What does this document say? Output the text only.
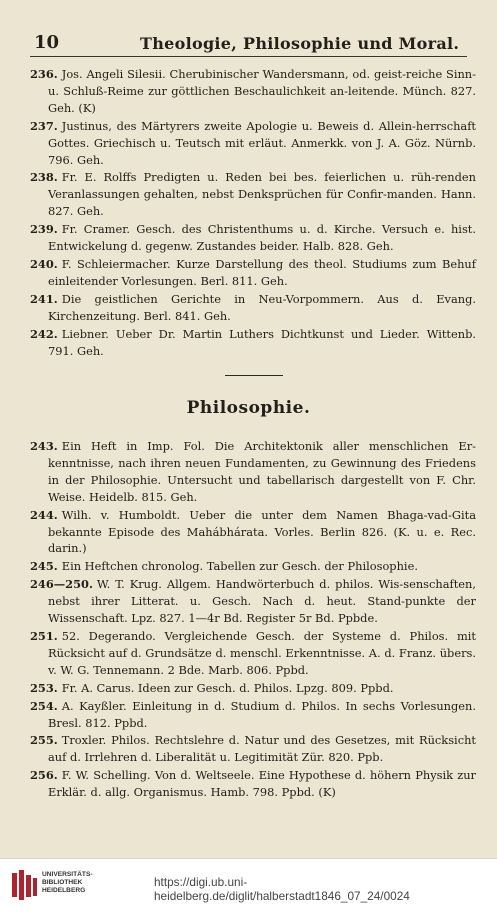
10	Theologie, Philosophie und Moral.
236. Jos. Angeli Silesii. Cherubinischer Wandersmann, od. geist-reiche Sinn- u. Schluß-Reime zur göttlichen Beschaulichkeit an-leitende. Münch. 827. Geh. (K)
237. Justinus, des Märtyrers zweite Apologie u. Beweis d. Allein-herrschaft Gottes. Griechisch u. Teutsch mit erläut. Anmerkk. von J. A. Göz. Nürnb. 796. Geh.
238. Fr. E. Rolffs Predigten u. Reden bei bes. feierlichen u. rüh-renden Veranlassungen gehalten, nebst Denksprüchen für Confir-manden. Hann. 827. Geh.
239. Fr. Cramer. Gesch. des Christenthums u. d. Kirche. Versuch e. hist. Entwickelung d. gegenw. Zustandes beider. Halb. 828. Geh.
240. F. Schleiermacher. Kurze Darstellung des theol. Studiums zum Behuf einleitender Vorlesungen. Berl. 811. Geh.
241. Die geistlichen Gerichte in Neu-Vorpommern. Aus d. Evang. Kirchenzeitung. Berl. 841. Geh.
242. Liebner. Ueber Dr. Martin Luthers Dichtkunst und Lieder. Wittenb. 791. Geh.
Philosophie.
243. Ein Heft in Imp. Fol. Die Architektonik aller menschlichen Er-kenntnisse, nach ihren neuen Fundamenten, zu Gewinnung des Friedens in der Philosophie. Untersucht und tabellarisch dargestellt von F. Chr. Weise. Heidelb. 815. Geh.
244. Wilh. v. Humboldt. Ueber die unter dem Namen Bhaga-vad-Gita bekannte Episode des Mahábhárata. Vorles. Berlin 826. (K. u. e. Rec. darin.)
245. Ein Heftchen chronolog. Tabellen zur Gesch. der Philosophie.
246—250. W. T. Krug. Allgem. Handwörterbuch d. philos. Wis-senschaften, nebst ihrer Litterat. u. Gesch. Nach d. heut. Stand-punkte der Wissenschaft. Lpz. 827. 1—4r Bd. Register 5r Bd. Ppbde.
251. 52. Degerando. Vergleichende Gesch. der Systeme d. Philos. mit Rücksicht auf d. Grundsätze d. menschl. Erkenntnisse. A. d. Franz. übers. v. W. G. Tennemann. 2 Bde. Marb. 806. Ppbd.
253. Fr. A. Carus. Ideen zur Gesch. d. Philos. Lpzg. 809. Ppbd.
254. A. Kayßler. Einleitung in d. Studium d. Philos. In sechs Vorlesungen. Bresl. 812. Ppbd.
255. Troxler. Philos. Rechtslehre d. Natur und des Gesetzes, mit Rücksicht auf d. Irrlehren d. Liberalität u. Legitimität Zür. 820. Ppb.
256. F. W. Schelling. Von d. Weltseele. Eine Hypothese d. höhern Physik zur Erklär. d. allg. Organismus. Hamb. 798. Ppbd. (K)
UNIVERSITÄTS-BIBLIOTHEK HEIDELBERG
https://digi.ub.uni-heidelberg.de/diglit/halberstadt1846_07_24/0024
